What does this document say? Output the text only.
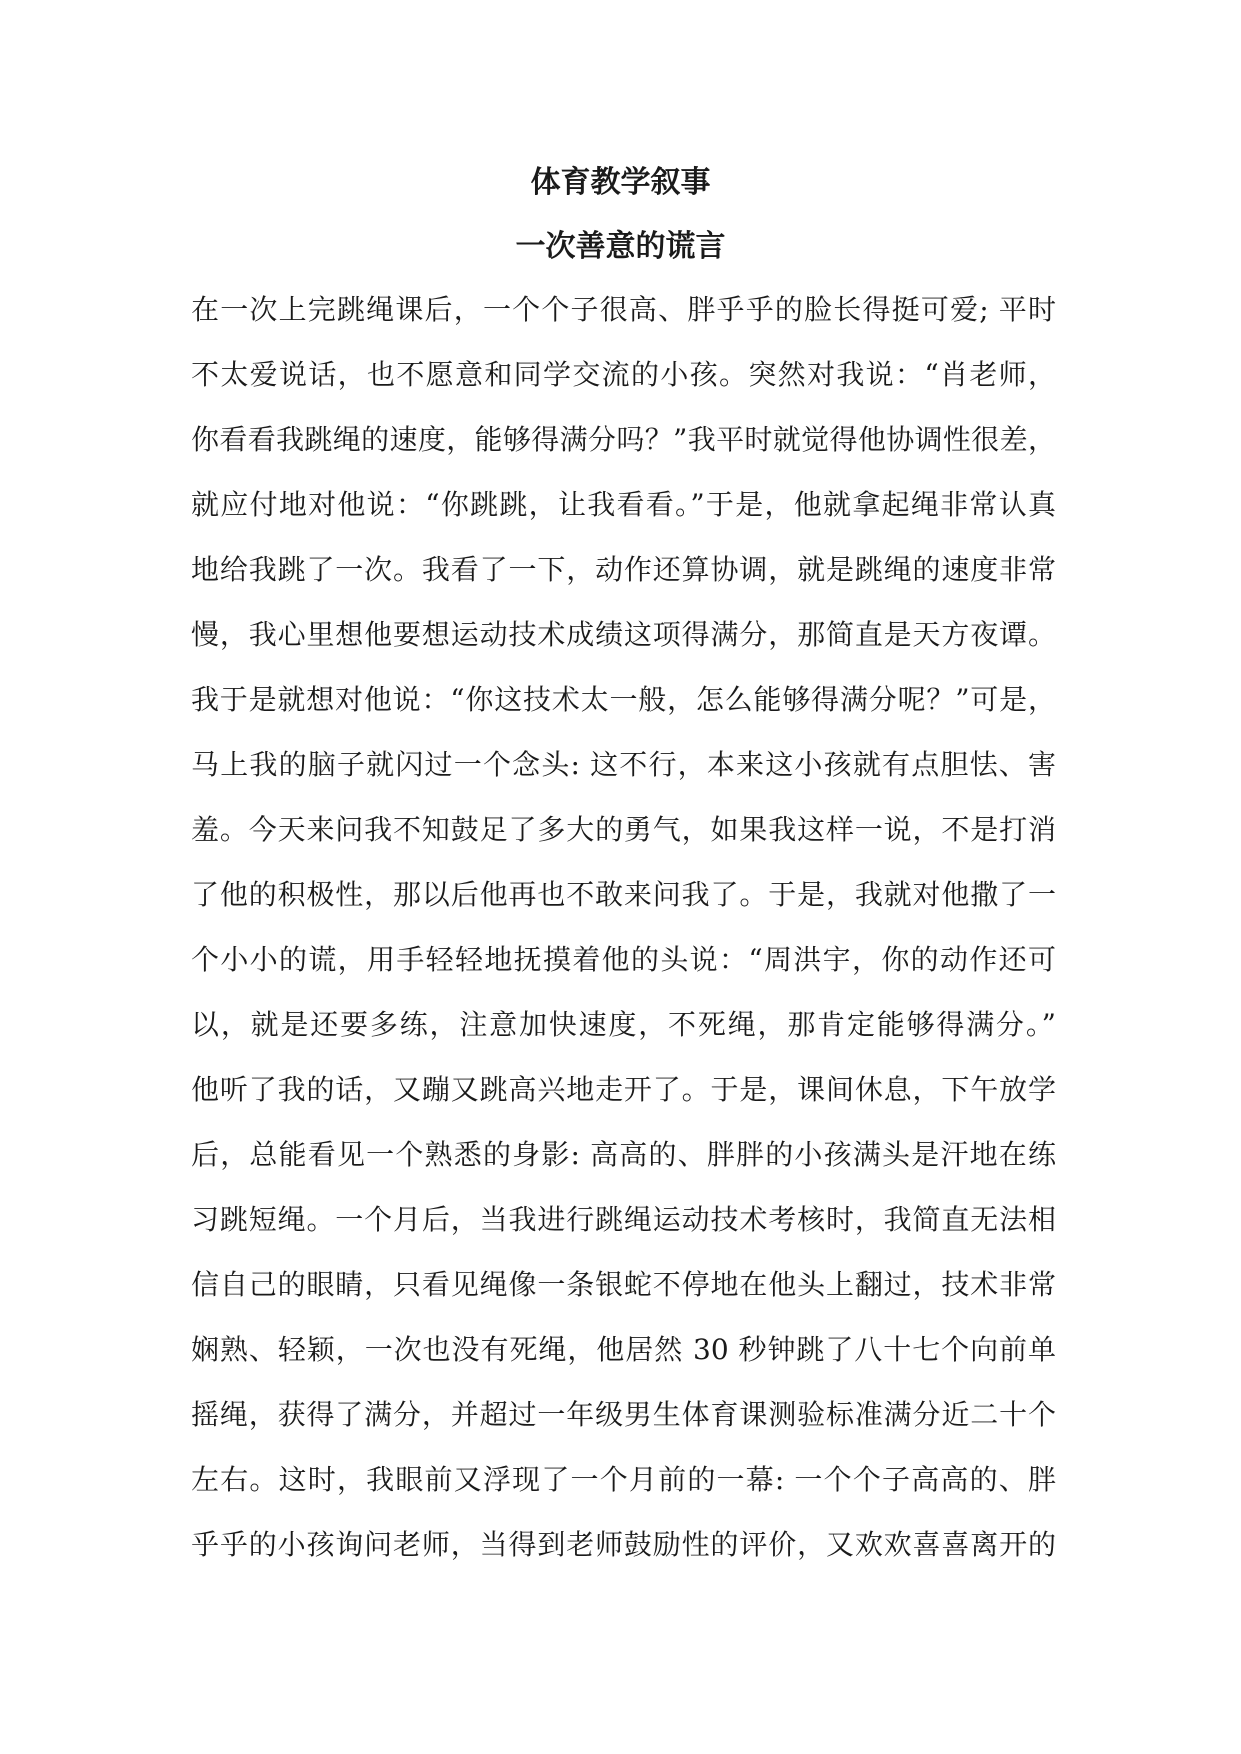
体育教学叙事
一次善意的谎言
在一次上完跳绳课后，一个个子很高、胖乎乎的脸长得挺可爱; 平时
不太爱说话，也不愿意和同学交流的小孩。突然对我说：“肖老师，
你看看我跳绳的速度，能够得满分吗？”我平时就觉得他协调性很差，
就应付地对他说：“你跳跳，让我看看。”于是，他就拿起绳非常认真
地给我跳了一次。我看了一下，动作还算协调，就是跳绳的速度非常
慢，我心里想他要想运动技术成绩这项得满分，那简直是天方夜谭。
我于是就想对他说：“你这技术太一般，怎么能够得满分呢？”可是，
马上我的脑子就闪过一个念头: 这不行，本来这小孩就有点胆怯、害
羞。今天来问我不知鼓足了多大的勇气，如果我这样一说，不是打消
了他的积极性，那以后他再也不敢来问我了。于是，我就对他撒了一
个小小的谎，用手轻轻地抚摸着他的头说：“周洪宇，你的动作还可
以，就是还要多练，注意加快速度，不死绳，那肯定能够得满分。”
他听了我的话，又蹦又跳高兴地走开了。于是，课间休息，下午放学
后，总能看见一个熟悉的身影: 高高的、胖胖的小孩满头是汗地在练
习跳短绳。一个月后，当我进行跳绳运动技术考核时，我简直无法相
信自己的眼睛，只看见绳像一条银蛇不停地在他头上翻过，技术非常
娴熟、轻颖，一次也没有死绳，他居然 30 秒钟跳了八十七个向前单
摇绳，获得了满分，并超过一年级男生体育课测验标准满分近二十个
左右。这时，我眼前又浮现了一个月前的一幕: 一个个子高高的、胖
乎乎的小孩询问老师，当得到老师鼓励性的评价，又欢欢喜喜离开的
